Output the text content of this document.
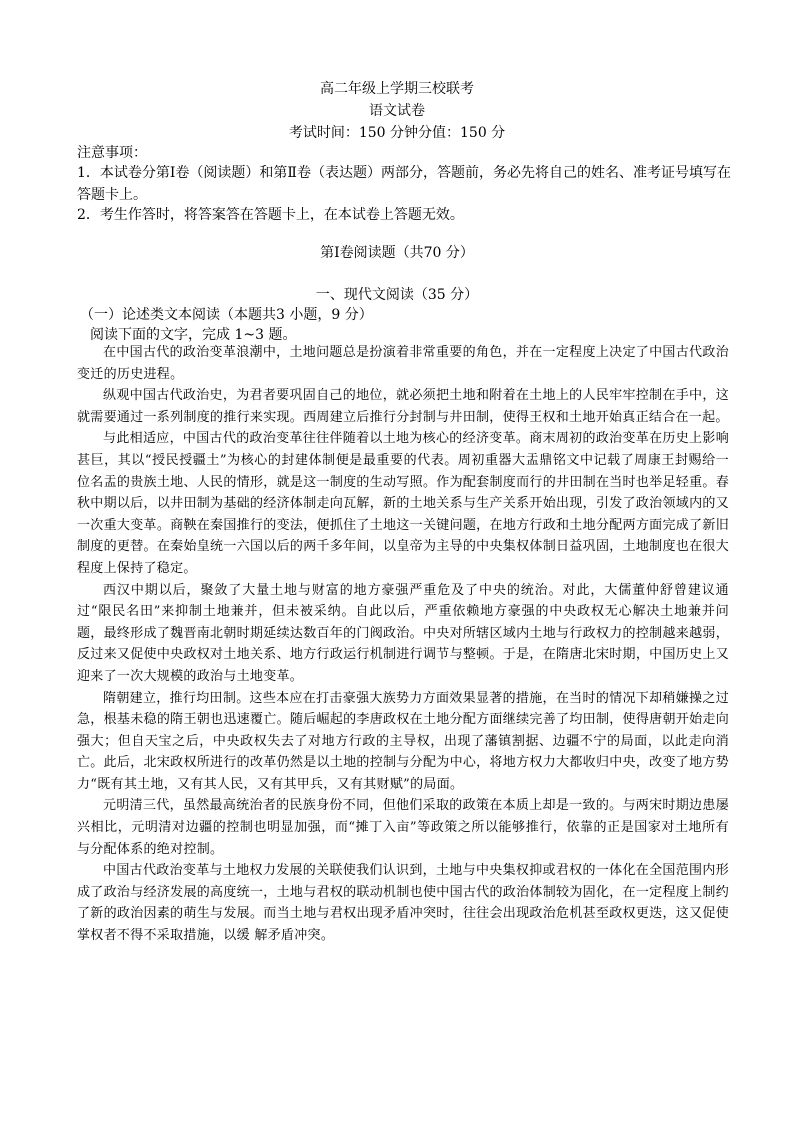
高二年级上学期三校联考
语文试卷
考试时间：150 分钟分值：150 分
注意事项：
1．本试卷分第Ⅰ卷（阅读题）和第Ⅱ卷（表达题）两部分，答题前，务必先将自己的姓名、准考证号填写在答题卡上。
2．考生作答时，将答案答在答题卡上，在本试卷上答题无效。
第Ⅰ卷阅读题（共70 分）
一、现代文阅读（35 分）
（一）论述类文本阅读（本题共3 小题，9 分）
阅读下面的文字，完成 1~3 题。

在中国古代的政治变革浪潮中，土地问题总是扮演着非常重要的角色，并在一定程度上决定了中国古代政治变迁的历史进程。

纵观中国古代政治史，为君者要巩固自己的地位，就必须把土地和附着在土地上的人民牢牢控制在手中，这就需要通过一系列制度的推行来实现。西周建立后推行分封制与井田制，使得王权和土地开始真正结合在一起。

与此相适应，中国古代的政治变革往往伴随着以土地为核心的经济变革。商末周初的政治变革在历史上影响甚巨，其以“授民授疆土”为核心的封建体制便是最重要的代表。周初重器大盂鼎铭文中记载了周康王封赐给一位名盂的贵族土地、人民的情形，就是这一制度的生动写照。作为配套制度而行的井田制在当时也举足轻重。春秋中期以后，以井田制为基础的经济体制走向瓦解，新的土地关系与生产关系开始出现，引发了政治领域内的又一次重大变革。商鞅在秦国推行的变法，便抓住了土地这一关键问题，在地方行政和土地分配两方面完成了新旧制度的更替。在秦始皇统一六国以后的两千多年间，以皇帝为主导的中央集权体制日益巩固，土地制度也在很大程度上保持了稳定。

西汉中期以后，聚敛了大量土地与财富的地方豪强严重危及了中央的统治。对此，大儒董仲舒曾建议通过“限民名田”来抑制土地兼并，但未被采纳。自此以后，严重依赖地方豪强的中央政权无心解决土地兼并问题，最终形成了魏晋南北朝时期延续达数百年的门阀政治。中央对所辖区域内土地与行政权力的控制越来越弱，反过来又促使中央政权对土地关系、地方行政运行机制进行调节与整顿。于是，在隋唐北宋时期，中国历史上又迎来了一次大规模的政治与土地变革。

隋朝建立，推行均田制。这些本应在打击豪强大族势力方面效果显著的措施，在当时的情况下却稍嫌操之过急，根基未稳的隋王朝也迅速覆亡。随后崛起的李唐政权在土地分配方面继续完善了均田制，使得唐朝开始走向强大；但自天宝之后，中央政权失去了对地方行政的主导权，出现了藩镇割据、边疆不宁的局面，以此走向消亡。此后，北宋政权所进行的改革仍然是以土地的控制与分配为中心，将地方权力大都收归中央，改变了地方势力“既有其土地，又有其人民，又有其甲兵，又有其财赋”的局面。

元明清三代，虽然最高统治者的民族身份不同，但他们采取的政策在本质上却是一致的。与两宋时期边患屡兴相比，元明清对边疆的控制也明显加强，而“摊丁入亩”等政策之所以能够推行，依靠的正是国家对土地所有与分配体系的绝对控制。

中国古代政治变革与土地权力发展的关联使我们认识到，土地与中央集权抑或君权的一体化在全国范围内形成了政治与经济发展的高度统一，土地与君权的联动机制也使中国古代的政治体制较为固化，在一定程度上制约了新的政治因素的萌生与发展。而当土地与君权出现矛盾冲突时，往往会出现政治危机甚至政权更迭，这又促使掌权者不得不采取措施，以缓 解矛盾冲突。
